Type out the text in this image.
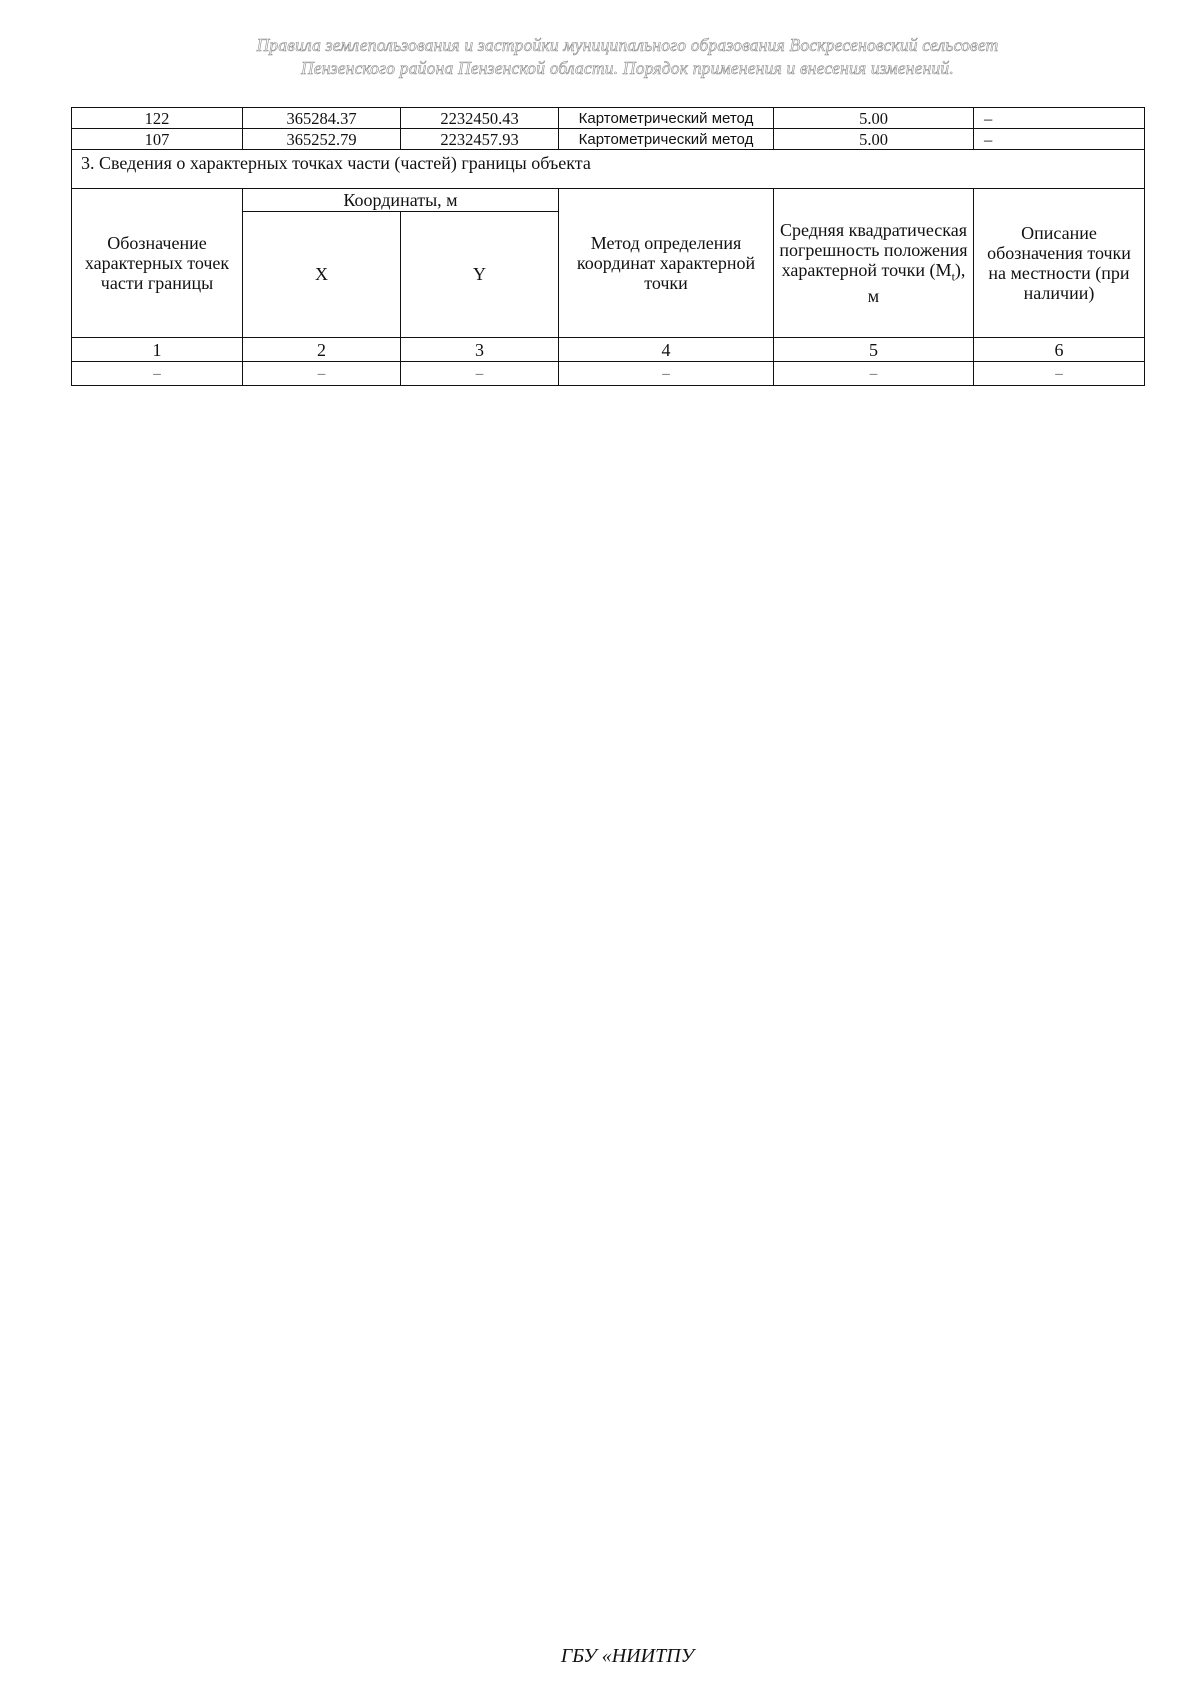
Правила землепользования и застройки муниципального образования Воскресеновский сельсовет
Пензенского района Пензенской области. Порядок применения и внесения изменений.
122	365284.37	2232450.43	Картометрический метод	5.00	–
107	365252.79	2232457.93	Картометрический метод	5.00	–
3. Сведения о характерных точках части (частей) границы объекта					
Обозначение характерных точек части границы	Координаты, м		Метод определения координат характерной точки	Средняя квадратическая погрешность положения характерной точки $(M_t)$, м	Описание обозначения точки на местности (при наличии)
	X	Y			
1	2	3	4	5	6
–	–	–	–	–	–
ГБУ «НИИТПУ
